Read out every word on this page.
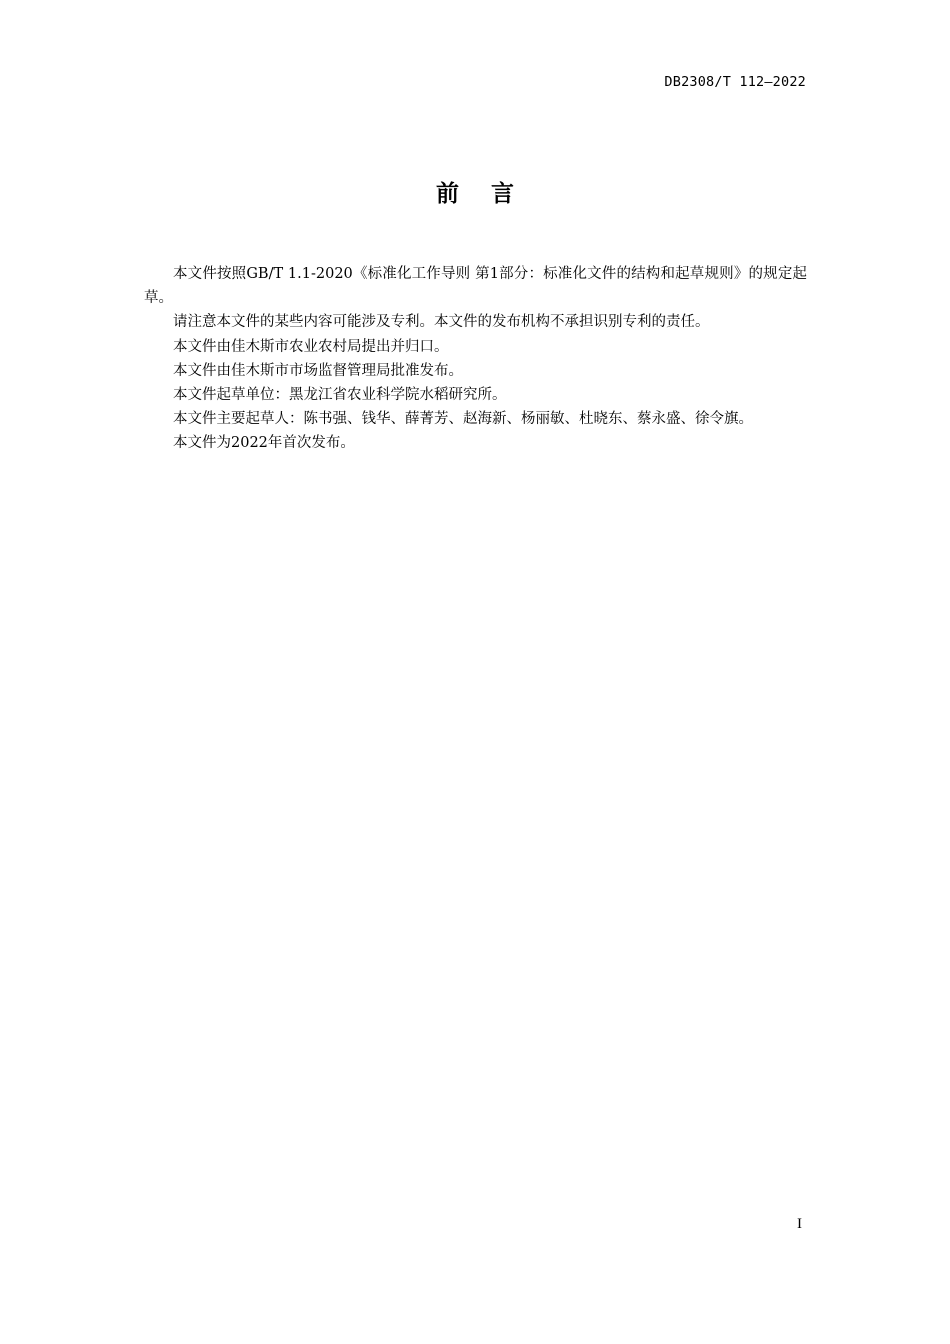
DB2308/T 112—2022
前    言

本文件按照GB/T 1.1-2020《标准化工作导则 第1部分：标准化文件的结构和起草规则》的规定起草。

请注意本文件的某些内容可能涉及专利。本文件的发布机构不承担识别专利的责任。

本文件由佳木斯市农业农村局提出并归口。

本文件由佳木斯市市场监督管理局批准发布。

本文件起草单位：黑龙江省农业科学院水稻研究所。

本文件主要起草人：陈书强、钱华、薛菁芳、赵海新、杨丽敏、杜晓东、蔡永盛、徐令旗。

本文件为2022年首次发布。

I
